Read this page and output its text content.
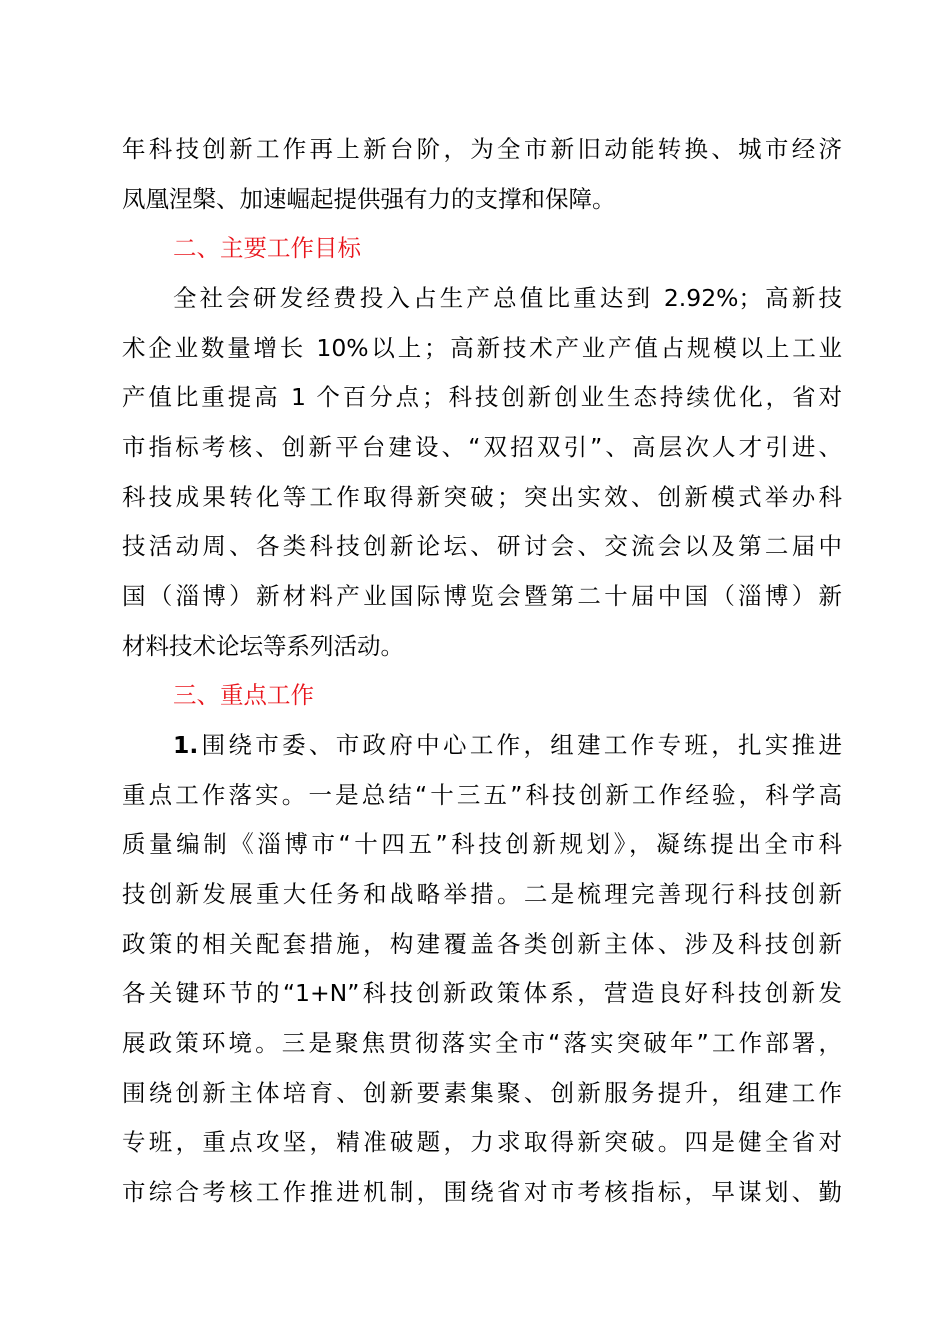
年科技创新工作再上新台阶，为全市新旧动能转换、城市经济
凤凰涅槃、加速崛起提供强有力的支撑和保障。
二、主要工作目标
全社会研发经费投入占生产总值比重达到 2.92%；高新技
术企业数量增长 10%以上；高新技术产业产值占规模以上工业
产值比重提高 1 个百分点；科技创新创业生态持续优化，省对
市指标考核、创新平台建设、“双招双引”、高层次人才引进、
科技成果转化等工作取得新突破；突出实效、创新模式举办科
技活动周、各类科技创新论坛、研讨会、交流会以及第二届中
国（淄博）新材料产业国际博览会暨第二十届中国（淄博）新
材料技术论坛等系列活动。
三、重点工作
1.围绕市委、市政府中心工作，组建工作专班，扎实推进
重点工作落实。一是总结“十三五”科技创新工作经验，科学高
质量编制《淄博市“十四五”科技创新规划》，凝练提出全市科
技创新发展重大任务和战略举措。二是梳理完善现行科技创新
政策的相关配套措施，构建覆盖各类创新主体、涉及科技创新
各关键环节的“1+N”科技创新政策体系，营造良好科技创新发
展政策环境。三是聚焦贯彻落实全市“落实突破年”工作部署，
围绕创新主体培育、创新要素集聚、创新服务提升，组建工作
专班，重点攻坚，精准破题，力求取得新突破。四是健全省对
市综合考核工作推进机制，围绕省对市考核指标，早谋划、勤
